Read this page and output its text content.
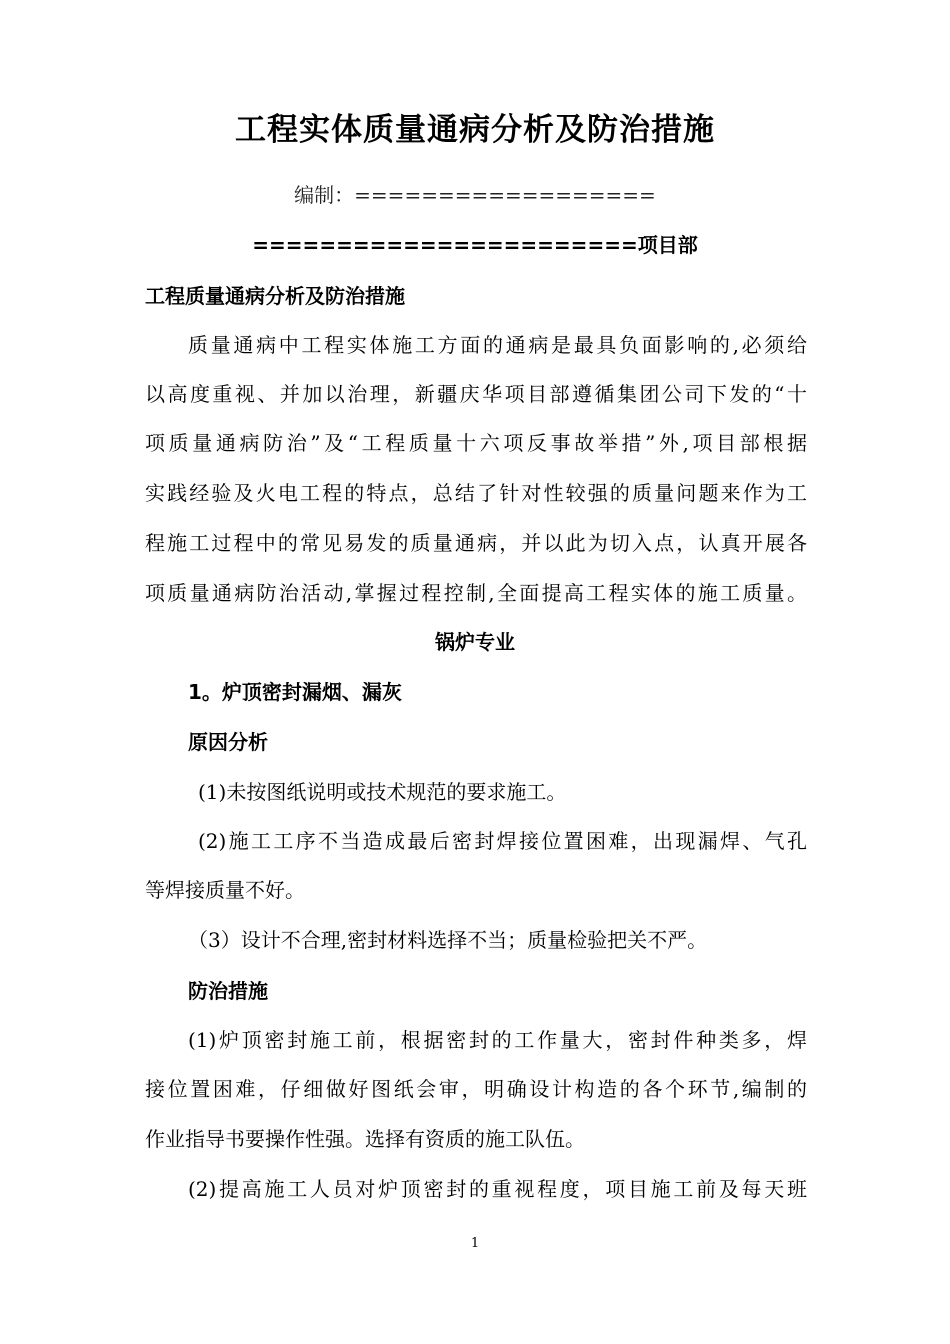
工程实体质量通病分析及防治措施
编制：==================
=======================项目部
工程质量通病分析及防治措施
质量通病中工程实体施工方面的通病是最具负面影响的,必须给
以高度重视、并加以治理，新疆庆华项目部遵循集团公司下发的“十
项质量通病防治”及“工程质量十六项反事故举措”外,项目部根据
实践经验及火电工程的特点，总结了针对性较强的质量问题来作为工
程施工过程中的常见易发的质量通病，并以此为切入点，认真开展各
项质量通病防治活动,掌握过程控制,全面提高工程实体的施工质量。
锅炉专业
1。炉顶密封漏烟、漏灰
原因分析
(1)未按图纸说明或技术规范的要求施工。
(2)施工工序不当造成最后密封焊接位置困难，出现漏焊、气孔
等焊接质量不好。
（3）设计不合理,密封材料选择不当；质量检验把关不严。
防治措施
(1)炉顶密封施工前，根据密封的工作量大，密封件种类多，焊
接位置困难，仔细做好图纸会审，明确设计构造的各个环节,编制的
作业指导书要操作性强。选择有资质的施工队伍。
(2)提高施工人员对炉顶密封的重视程度，项目施工前及每天班
1
